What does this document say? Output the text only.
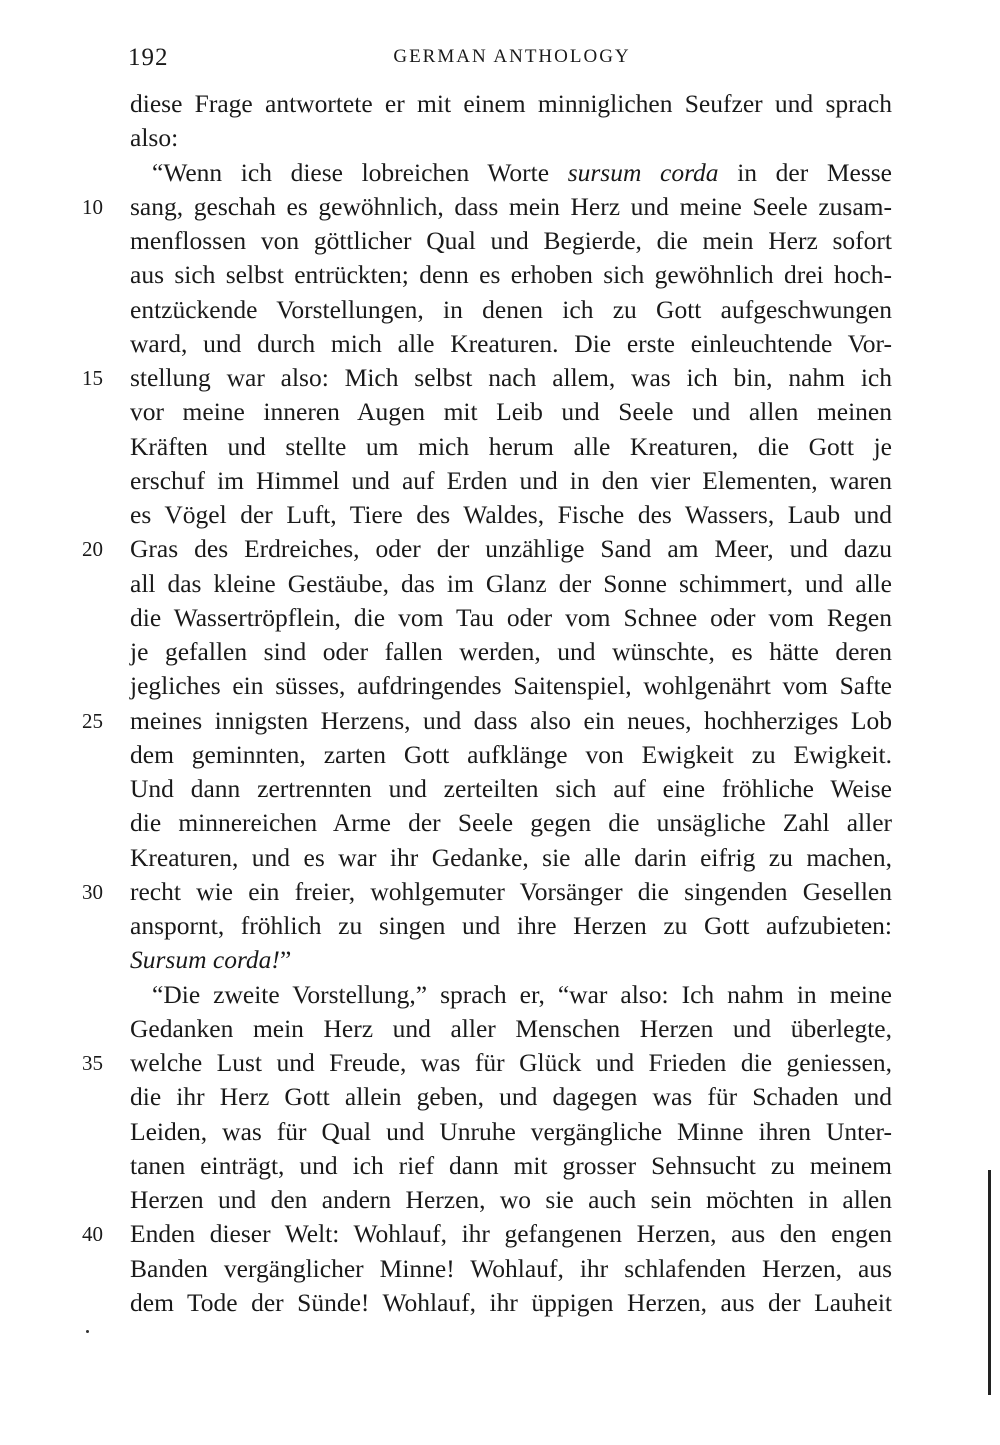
192	GERMAN ANTHOLOGY
diese Frage antwortete er mit einem minniglichen Seufzer und sprach
also:
“Wenn ich diese lobreichen Worte sursum corda in der Messe
sang, geschah es gewöhnlich, dass mein Herz und meine Seele zusam-
menflossen von göttlicher Qual und Begierde, die mein Herz sofort
aus sich selbst entrückten; denn es erhoben sich gewöhnlich drei hoch-
entzückende Vorstellungen, in denen ich zu Gott aufgeschwungen
ward, und durch mich alle Kreaturen. Die erste einleuchtende Vor-
stellung war also: Mich selbst nach allem, was ich bin, nahm ich
vor meine inneren Augen mit Leib und Seele und allen meinen
Kräften und stellte um mich herum alle Kreaturen, die Gott je
erschuf im Himmel und auf Erden und in den vier Elementen, waren
es Vögel der Luft, Tiere des Waldes, Fische des Wassers, Laub und
Gras des Erdreiches, oder der unzählige Sand am Meer, und dazu
all das kleine Gestäube, das im Glanz der Sonne schimmert, und alle
die Wassertröpflein, die vom Tau oder vom Schnee oder vom Regen
je gefallen sind oder fallen werden, und wünschte, es hätte deren
jegliches ein süsses, aufdringendes Saitenspiel, wohlgenährt vom Safte
meines innigsten Herzens, und dass also ein neues, hochherziges Lob
dem geminnten, zarten Gott aufklänge von Ewigkeit zu Ewigkeit.
Und dann zertrennten und zerteilten sich auf eine fröhliche Weise
die minnereichen Arme der Seele gegen die unsägliche Zahl aller
Kreaturen, und es war ihr Gedanke, sie alle darin eifrig zu machen,
recht wie ein freier, wohlgemuter Vorsänger die singenden Gesellen
anspornt, fröhlich zu singen und ihre Herzen zu Gott aufzubieten:
Sursum corda!”
“Die zweite Vorstellung,” sprach er, “war also: Ich nahm in meine
Gedanken mein Herz und aller Menschen Herzen und überlegte,
welche Lust und Freude, was für Glück und Frieden die geniessen,
die ihr Herz Gott allein geben, und dagegen was für Schaden und
Leiden, was für Qual und Unruhe vergängliche Minne ihren Unter-
tanen einträgt, und ich rief dann mit grosser Sehnsucht zu meinem
Herzen und den andern Herzen, wo sie auch sein möchten in allen
Enden dieser Welt: Wohlauf, ihr gefangenen Herzen, aus den engen
Banden vergänglicher Minne! Wohlauf, ihr schlafenden Herzen, aus
dem Tode der Sünde! Wohlauf, ihr üppigen Herzen, aus der Lauheit
10
15
20
25
30
35
40
